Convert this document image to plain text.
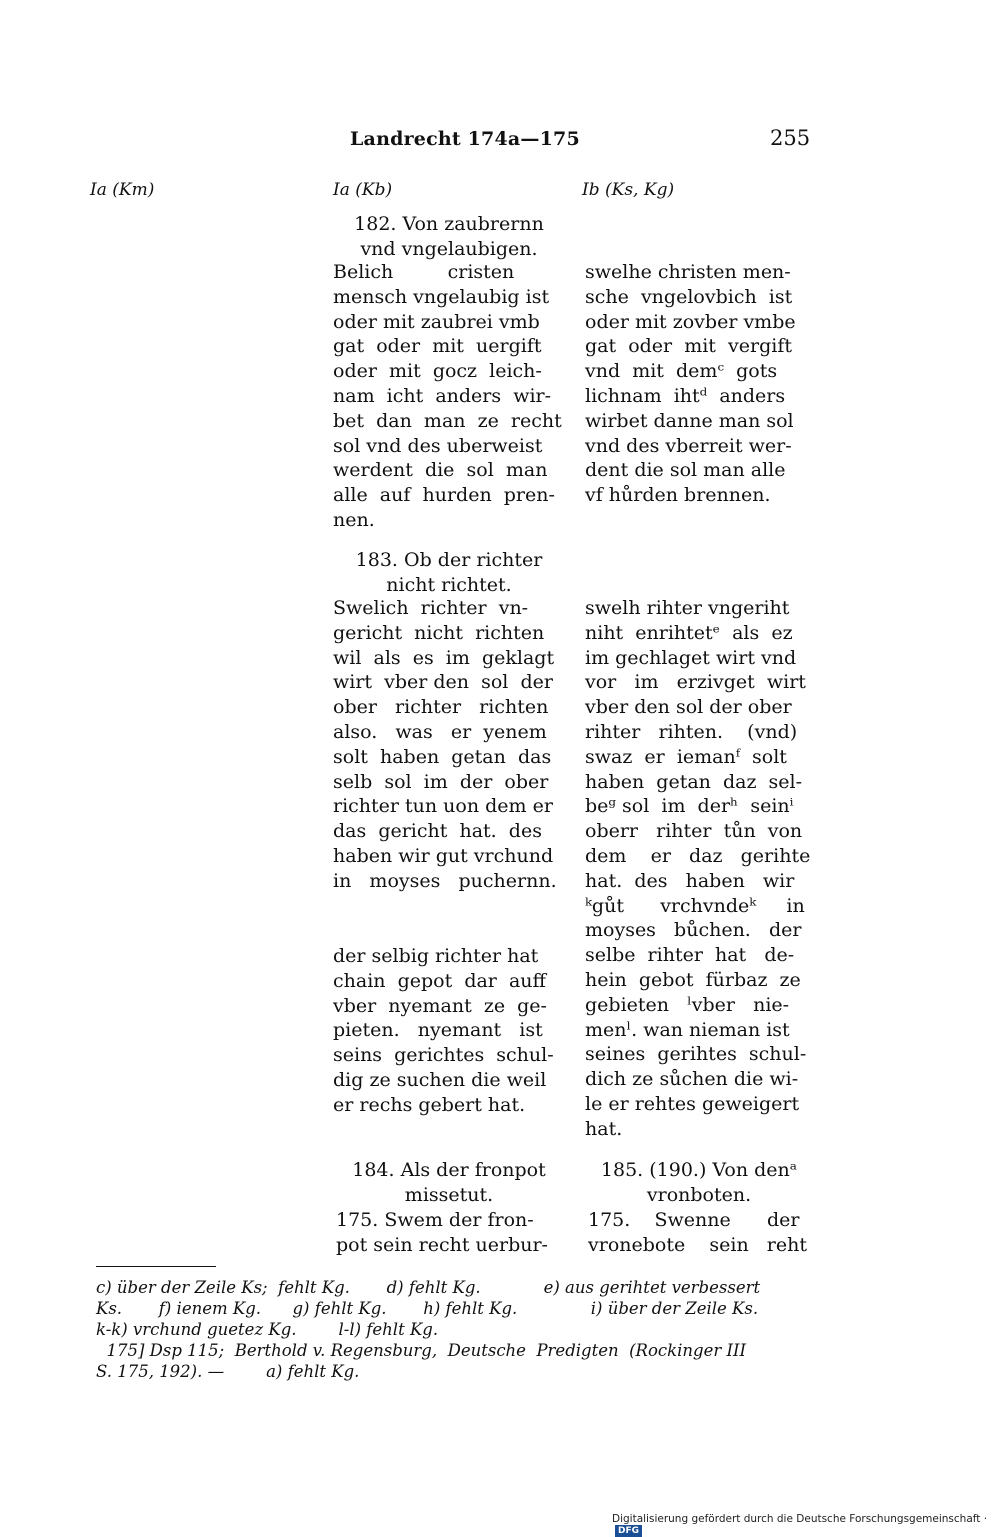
Landrecht 174a—175	255
Ia (Km)	Ia (Kb)	Ib (Ks, Kg)
182. Von zaubrernn
vnd vngelaubigen.
Belich         cristen
mensch vngelaubig ist
oder mit zaubrei vmb
gat  oder  mit  uergift
oder  mit  gocz  leich-
nam  icht  anders  wir-
bet  dan  man  ze  recht
sol vnd des uberweist
werdent  die  sol  man
alle  auf  hurden  pren-
nen.
swelhe christen men-
sche  vngelovbich  ist
oder mit zovber vmbe
gat  oder  mit  vergift
vnd  mit  demᶜ  gots
lichnam  ihtᵈ  anders
wirbet danne man sol
vnd des vberreit wer-
dent die sol man alle
vf hůrden brennen.
183. Ob der richter
nicht richtet.
Swelich  richter  vn-
gericht  nicht  richten
wil  als  es  im  geklagt
wirt  vber den  sol  der
ober   richter   richten
also.   was   er  yenem
solt  haben  getan  das
selb  sol  im  der  ober
richter tun uon dem er
das  gericht  hat.  des
haben wir gut vrchund
in   moyses   puchernn.
der selbig richter hat
chain  gepot  dar  auff
vber  nyemant  ze  ge-
pieten.   nyemant   ist
seins  gerichtes  schul-
dig ze suchen die weil
er rechs gebert hat.
swelh rihter vngeriht
niht  enrihtetᵉ  als  ez
im gechlaget wirt vnd
vor   im   erzivget  wirt
vber den sol der ober
rihter   rihten.    (vnd)
swaz  er  iemanᶠ  solt
haben  getan  daz  sel-
beᵍ sol  im  derʰ  seinⁱ
oberr   rihter  tůn  von
dem    er   daz   gerihte
hat.  des   haben   wir
ᵏgůt      vrchvndeᵏ     in
moyses   bůchen.   der
selbe  rihter  hat   de-
hein  gebot  fürbaz  ze
gebieten   ˡvber   nie-
menˡ. wan nieman ist
seines  gerihtes  schul-
dich ze sůchen die wi-
le er rehtes geweigert
hat.
184. Als der fronpot
missetut.
175. Swem der fron-
pot sein recht uerbur-
185. (190.) Von denᵃ
vronboten.
175.    Swenne      der
vronebote    sein   reht
c) über der Zeile Ks;  fehlt Kg.       d) fehlt Kg.            e) aus gerihtet verbessert
Ks.       f) ienem Kg.      g) fehlt Kg.       h) fehlt Kg.              i) über der Zeile Ks.
k-k) vrchund guetez Kg.        l-l) fehlt Kg.
175] Dsp 115;  Berthold v. Regensburg,  Deutsche  Predigten  (Rockinger III
S. 175, 192). —        a) fehlt Kg.
Digitalisierung gefördert durch die Deutsche Forschungsgemeinschaft ·DFG
